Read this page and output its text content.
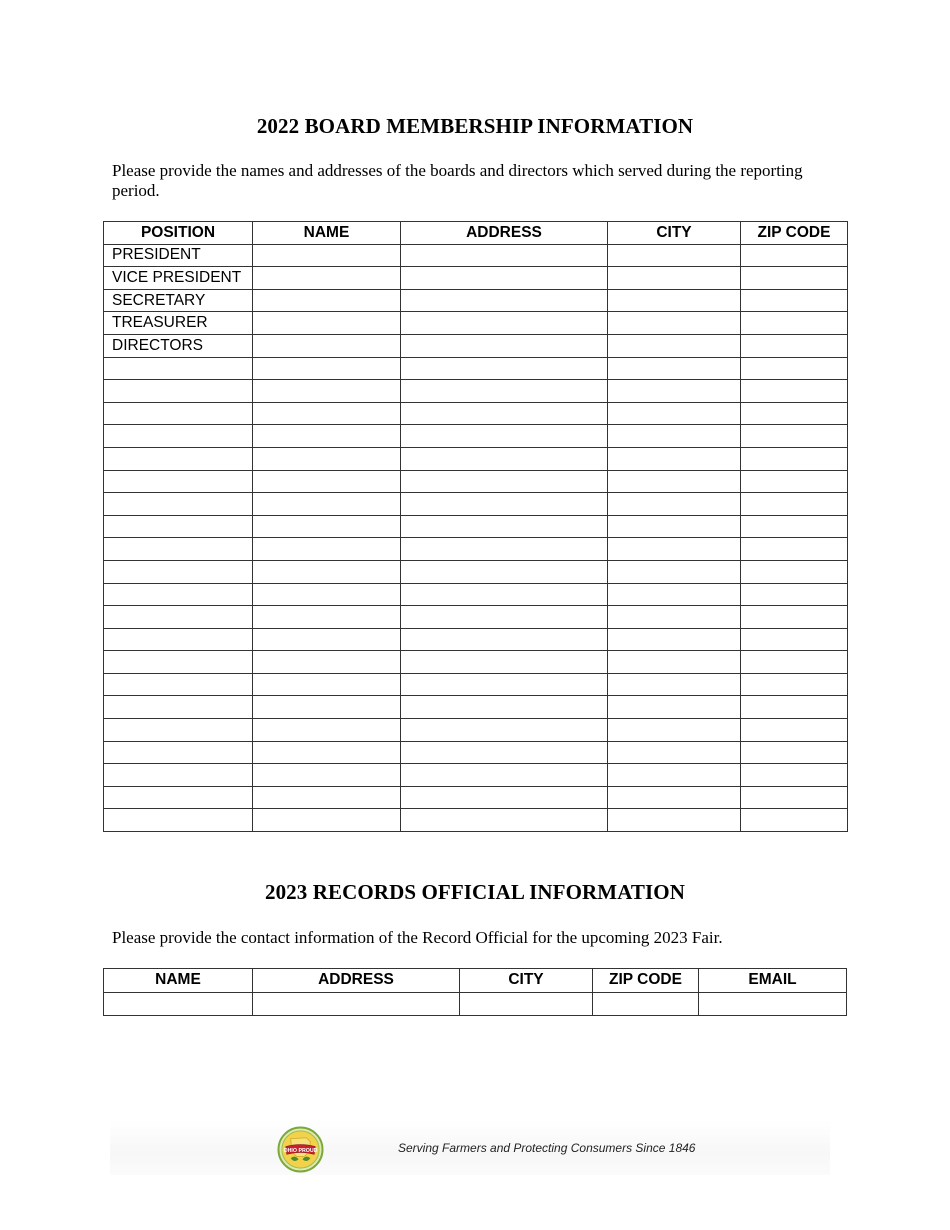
2022 BOARD MEMBERSHIP INFORMATION

Please provide the names and addresses of the boards and directors which served during the reporting period.

POSITION	NAME	ADDRESS	CITY	ZIP CODE
PRESIDENT				
VICE PRESIDENT				
SECRETARY				
TREASURER				
DIRECTORS				

2023 RECORDS OFFICIAL INFORMATION

Please provide the contact information of the Record Official for the upcoming 2023 Fair.

NAME	ADDRESS	CITY	ZIP CODE	EMAIL

OHIO PROUD	Serving Farmers and Protecting Consumers Since 1846
